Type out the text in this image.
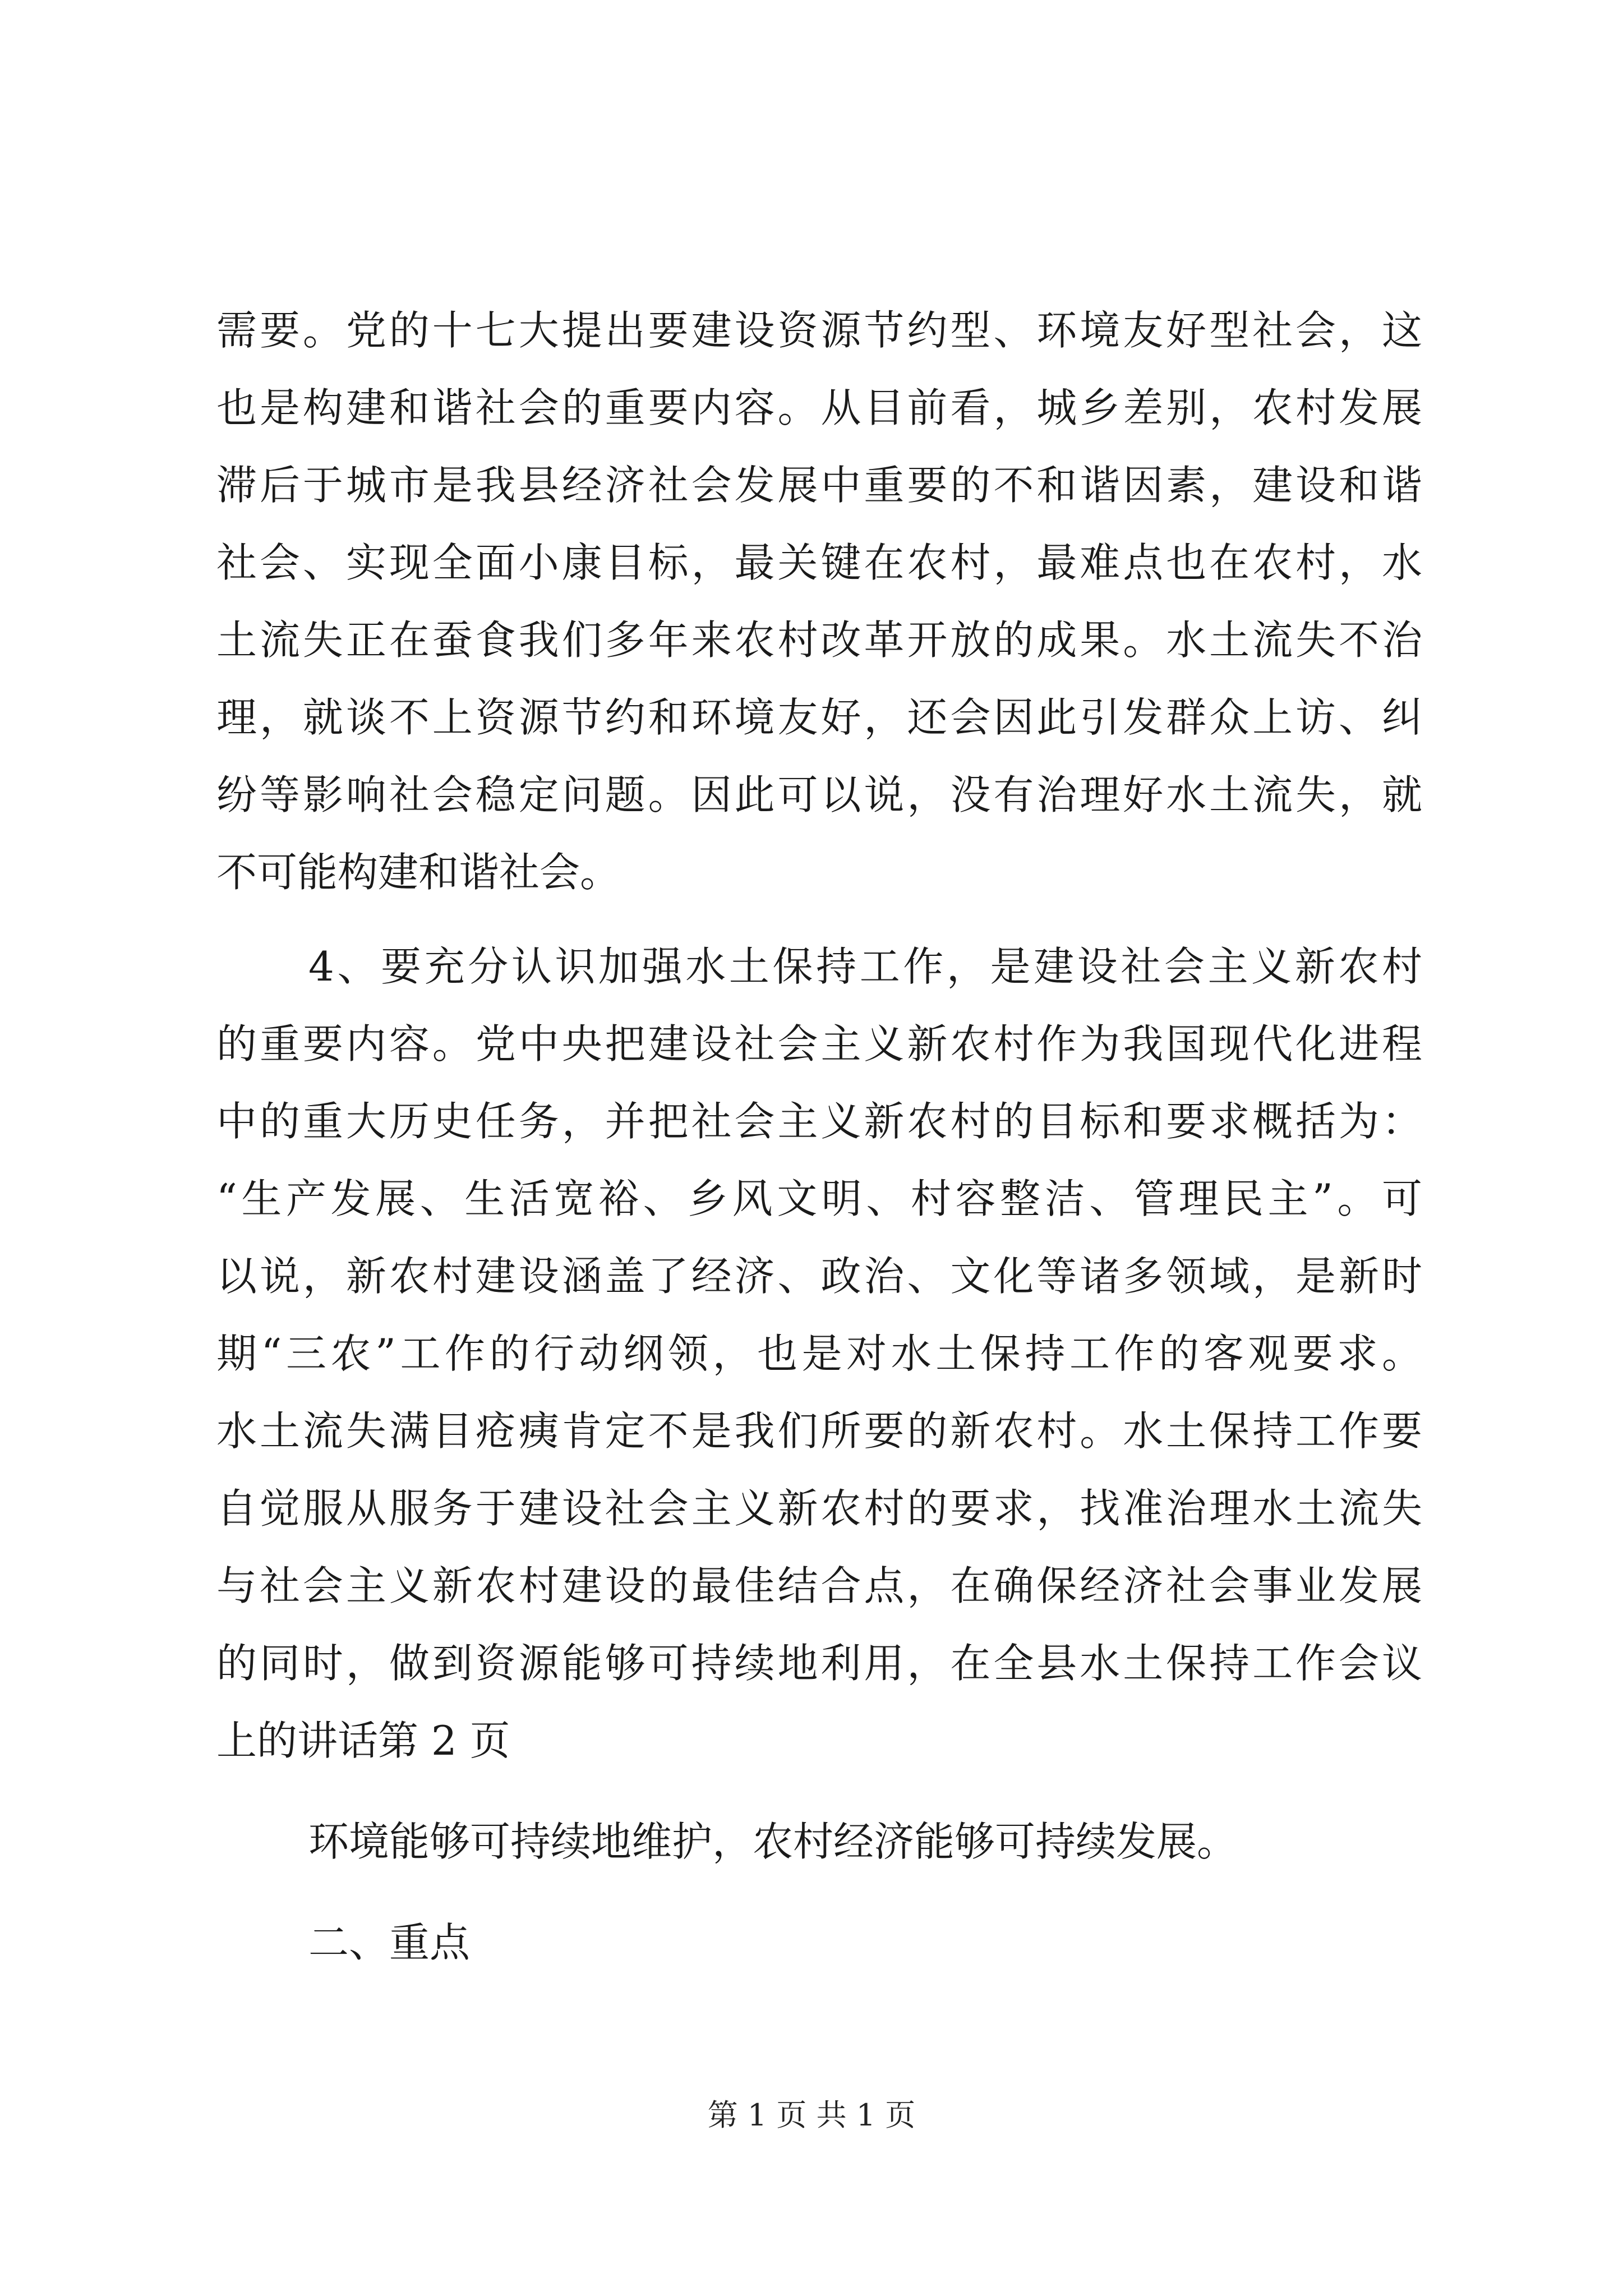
需要。党的十七大提出要建设资源节约型、环境友好型社会，这
也是构建和谐社会的重要内容。从目前看，城乡差别，农村发展
滞后于城市是我县经济社会发展中重要的不和谐因素，建设和谐
社会、实现全面小康目标，最关键在农村，最难点也在农村，水
土流失正在蚕食我们多年来农村改革开放的成果。水土流失不治
理，就谈不上资源节约和环境友好，还会因此引发群众上访、纠
纷等影响社会稳定问题。因此可以说，没有治理好水土流失，就
不可能构建和谐社会。
4、要充分认识加强水土保持工作，是建设社会主义新农村
的重要内容。党中央把建设社会主义新农村作为我国现代化进程
中的重大历史任务，并把社会主义新农村的目标和要求概括为：
“生产发展、生活宽裕、乡风文明、村容整洁、管理民主”。可
以说，新农村建设涵盖了经济、政治、文化等诸多领域，是新时
期“三农”工作的行动纲领，也是对水土保持工作的客观要求。
水土流失满目疮痍肯定不是我们所要的新农村。水土保持工作要
自觉服从服务于建设社会主义新农村的要求，找准治理水土流失
与社会主义新农村建设的最佳结合点，在确保经济社会事业发展
的同时，做到资源能够可持续地利用，在全县水土保持工作会议
上的讲话第 2 页
环境能够可持续地维护，农村经济能够可持续发展。
二、重点
第 1 页 共 1 页
